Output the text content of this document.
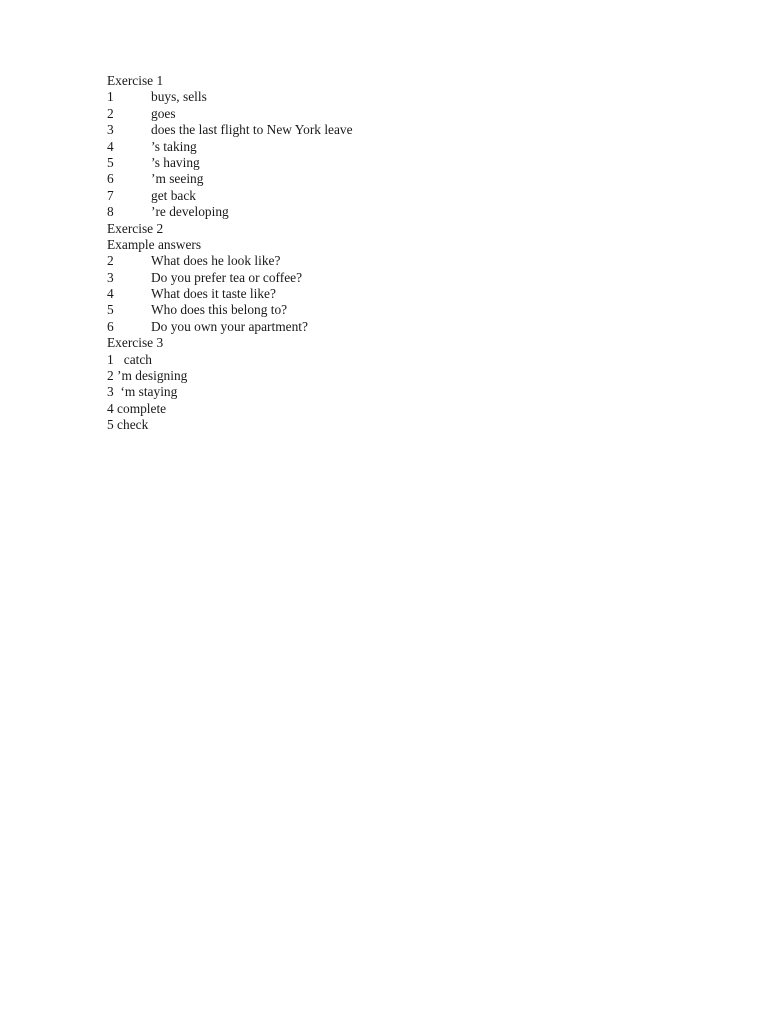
Exercise 1
1	buys, sells
2	goes
3	does the last flight to New York leave
4	’s taking
5	’s having
6	’m seeing
7	get back
8	’re developing
Exercise 2
Example answers
2	What does he look like?
3	Do you prefer tea or coffee?
4	What does it taste like?
5	Who does this belong to?
6	Do you own your apartment?
Exercise 3
1 catch
2 ’m designing
3 ‘m staying
4 complete
5 check
